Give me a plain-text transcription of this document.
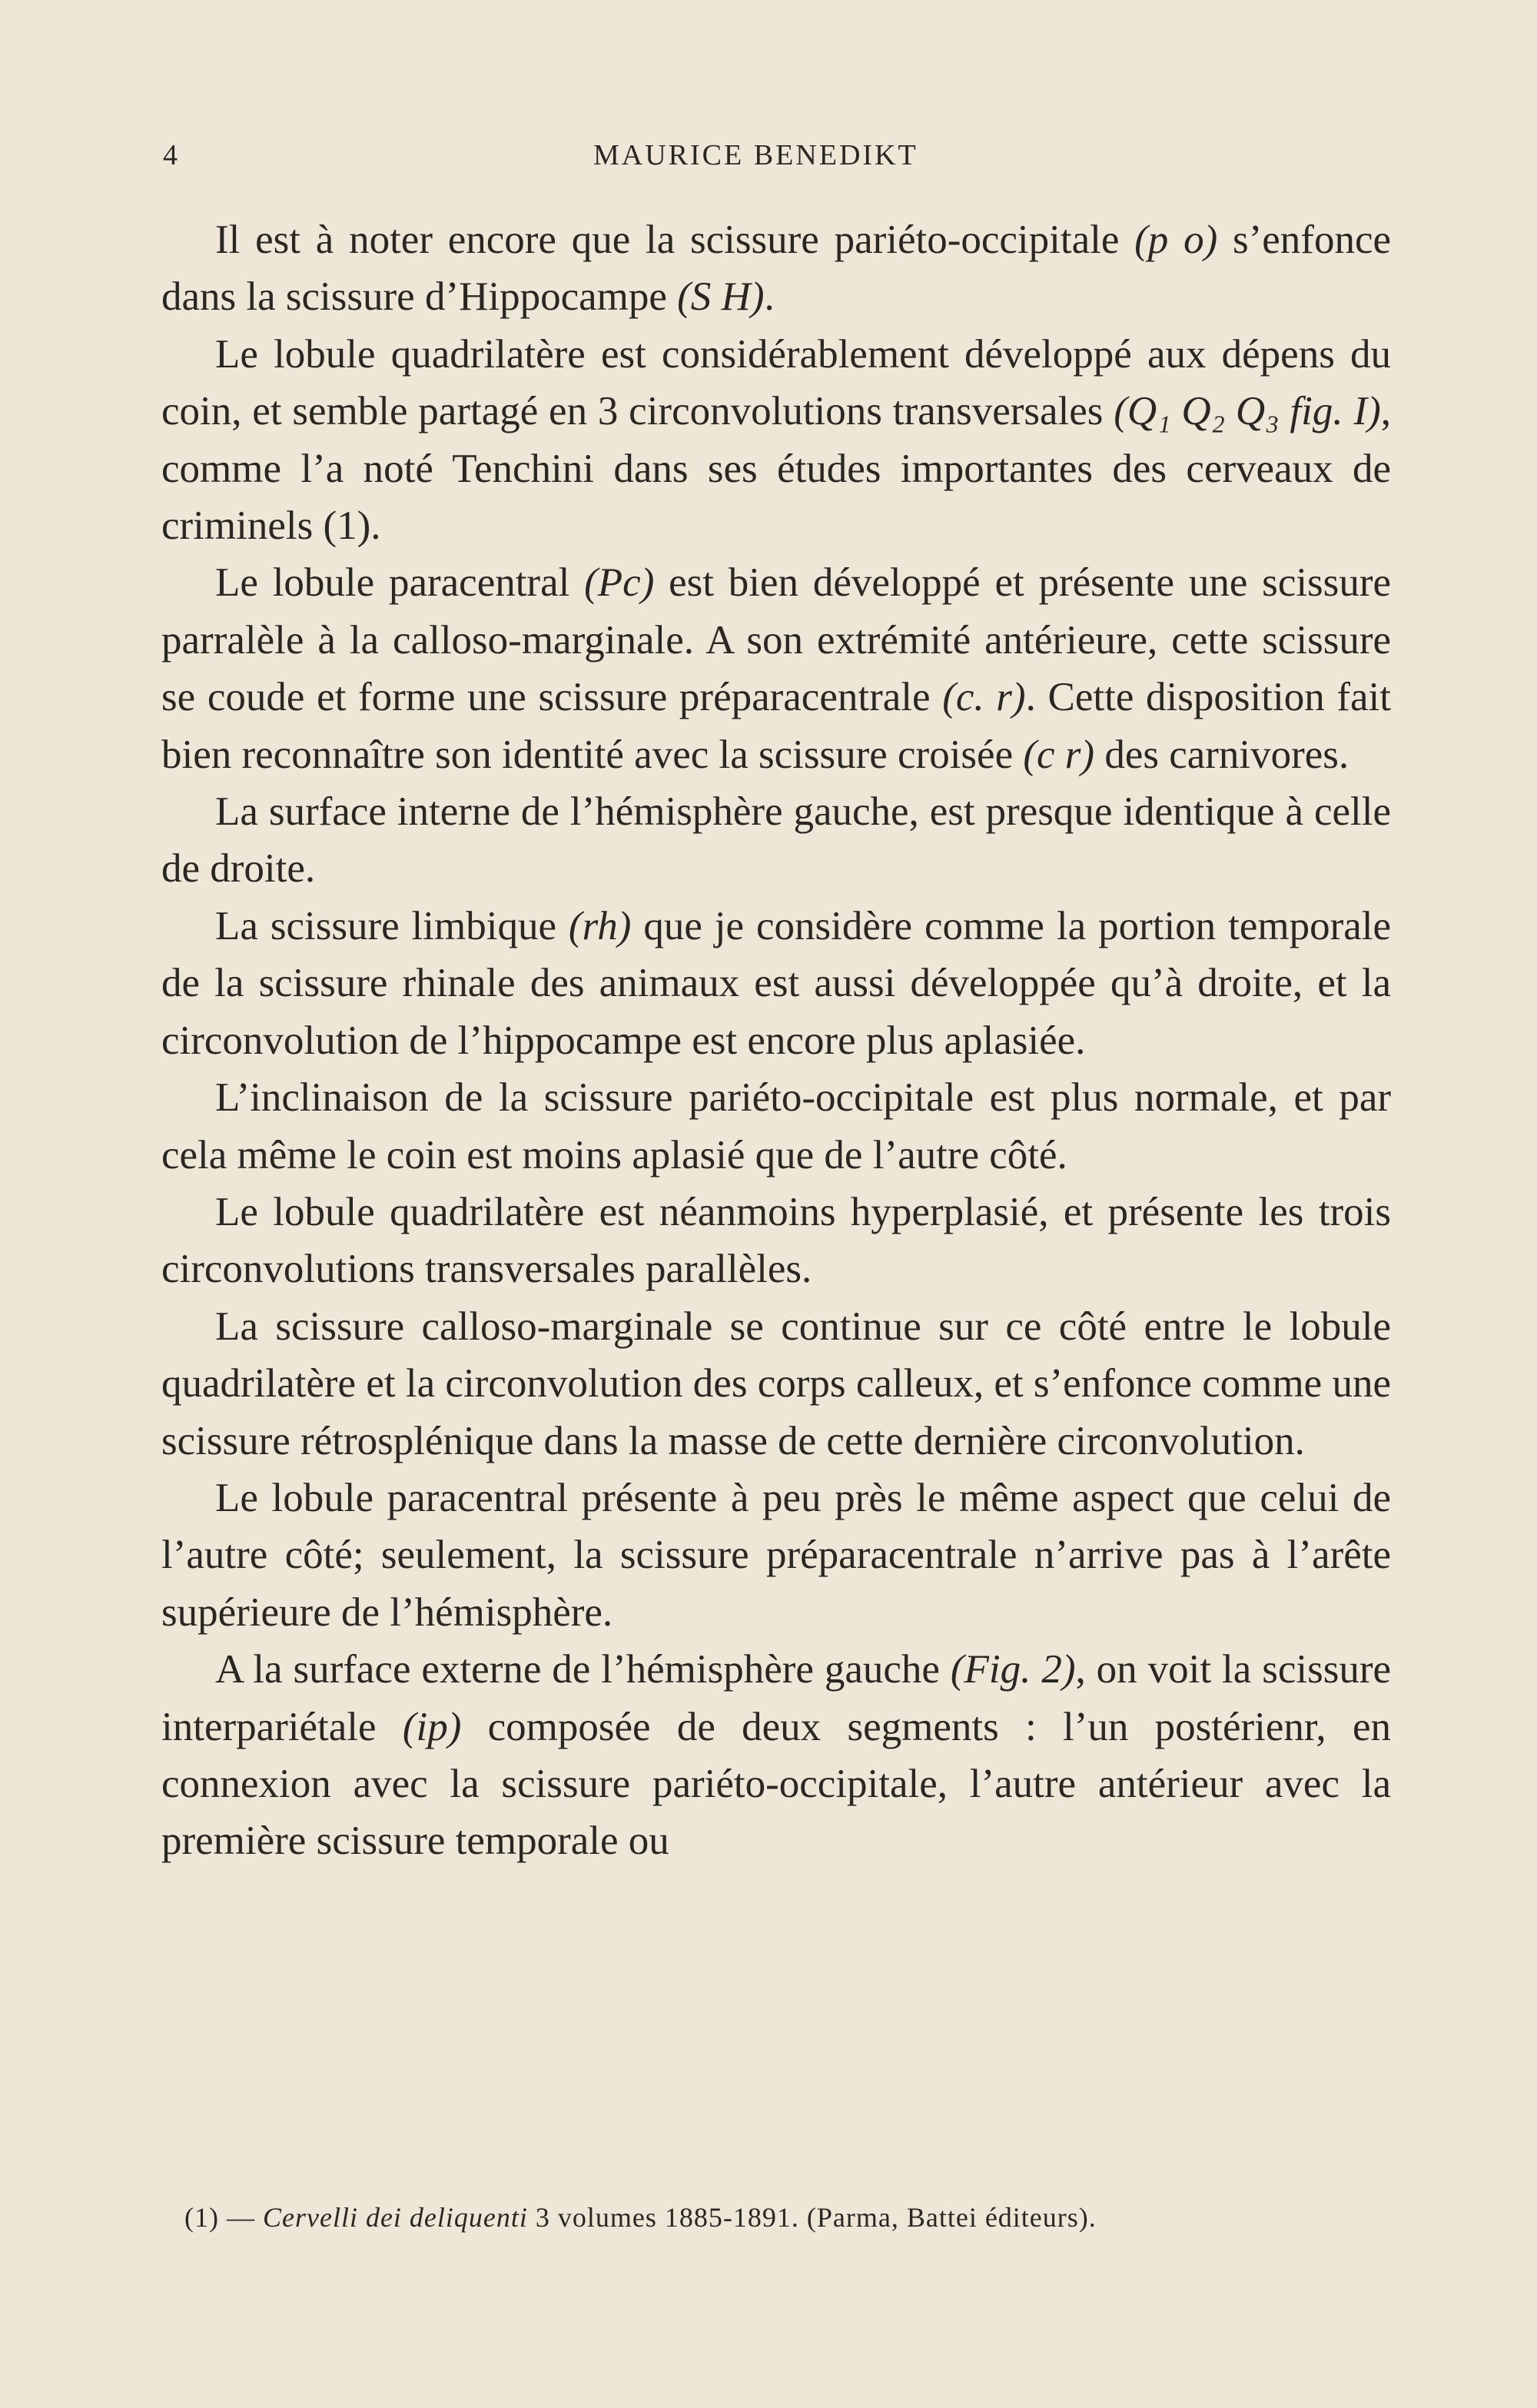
4	MAURICE BENEDIKT

Il est à noter encore que la scissure pariéto-occipitale (p o) s’enfonce dans la scissure d’Hippocampe (S H).

Le lobule quadrilatère est considérablement développé aux dépens du coin, et semble partagé en 3 circonvolutions transversales (Q₁ Q₂ Q₃ fig. I), comme l’a noté Tenchini dans ses études importantes des cerveaux de criminels (1).

Le lobule paracentral (Pc) est bien développé et présente une scissure parralèle à la calloso-marginale. A son extrémité antérieure, cette scissure se coude et forme une scissure préparacentrale (c. r). Cette disposition fait bien reconnaître son identité avec la scissure croisée (c r) des carnivores.

La surface interne de l’hémisphère gauche, est presque identique à celle de droite.

La scissure limbique (rh) que je considère comme la portion temporale de la scissure rhinale des animaux est aussi développée qu’à droite, et la circonvolution de l’hippocampe est encore plus aplasiée.

L’inclinaison de la scissure pariéto-occipitale est plus normale, et par cela même le coin est moins aplasié que de l’autre côté.

Le lobule quadrilatère est néanmoins hyperplasié, et présente les trois circonvolutions transversales parallèles.

La scissure calloso-marginale se continue sur ce côté entre le lobule quadrilatère et la circonvolution des corps calleux, et s’enfonce comme une scissure rétrosplénique dans la masse de cette dernière circonvolution.

Le lobule paracentral présente à peu près le même aspect que celui de l’autre côté; seulement, la scissure préparacentrale n’arrive pas à l’arête supérieure de l’hémisphère.

A la surface externe de l’hémisphère gauche (Fig. 2), on voit la scissure interpariétale (ip) composée de deux segments : l’un postérienr, en connexion avec la scissure pariéto-occipitale, l’autre antérieur avec la première scissure temporale ou

(1) — Cervelli dei deliquenti 3 volumes 1885-1891. (Parma, Battei éditeurs).
